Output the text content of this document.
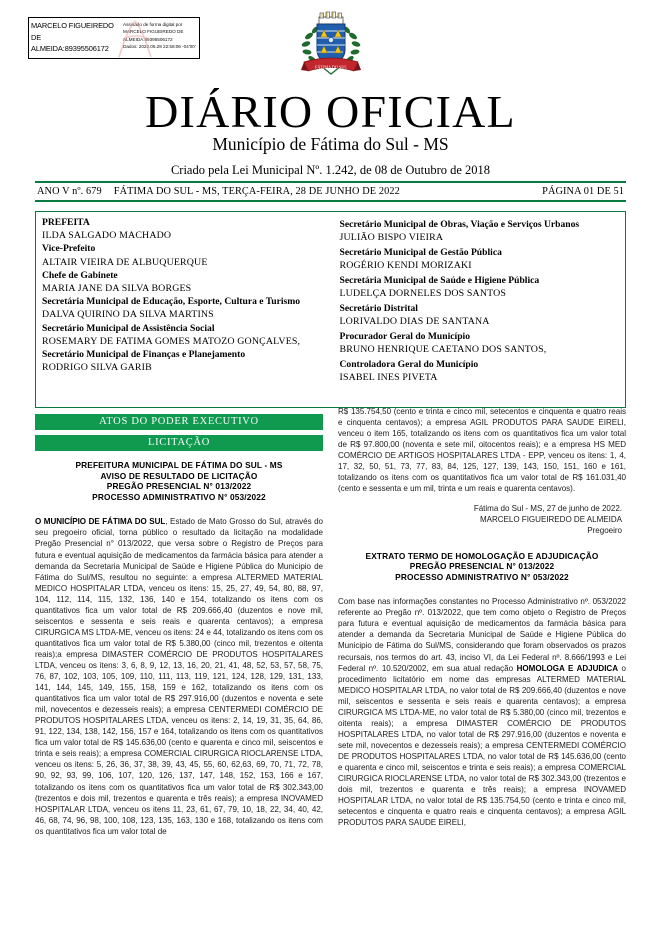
MARCELO FIGUEIREDO
DE
ALMEIDA:89395506172
Assinado de forma digital por
MARCELO FIGUEIREDO DE
ALMEIDA:89395506172
Dados: 2022.06.28 22:58:06 -04'00'
FÁTIMA DO SUL
DIÁRIO OFICIAL
Município de Fátima do Sul - MS
Criado pela Lei Municipal Nº. 1.242, de 08 de Outubro de 2018
ANO V nº. 679 FÁTIMA DO SUL - MS, TERÇA-FEIRA, 28 DE JUNHO DE 2022	PÁGINA 01 DE 51
PREFEITA
ILDA SALGADO MACHADO
Vice-Prefeito
ALTAIR VIEIRA DE ALBUQUERQUE
Chefe de Gabinete
MARIA JANE DA SILVA BORGES
Secretária Municipal de Educação, Esporte, Cultura e Turismo
DALVA QUIRINO DA SILVA MARTINS
Secretário Municipal de Assistência Social
ROSEMARY DE FATIMA GOMES MATOZO GONÇALVES,
Secretário Municipal de Finanças e Planejamento
RODRIGO SILVA GARIB
Secretário Municipal de Obras, Viação e Serviços Urbanos
JULIÃO BISPO VIEIRA
Secretário Municipal de Gestão Pública
ROGÉRIO KENDI MORIZAKI
Secretária Municipal de Saúde e Higiene Pública
LUDELÇA DORNELES DOS SANTOS
Secretário Distrital
LORIVALDO DIAS DE SANTANA
Procurador Geral do Município
BRUNO HENRIQUE CAETANO DOS SANTOS,
Controladora Geral do Município
ISABEL INES PIVETA
ATOS DO PODER EXECUTIVO
LICITAÇÃO
PREFEITURA MUNICIPAL DE FÁTIMA DO SUL - MS
AVISO DE RESULTADO DE LICITAÇÃO
PREGÃO PRESENCIAL N° 013/2022
PROCESSO ADMINISTRATIVO N° 053/2022

O MUNICÍPIO DE FÁTIMA DO SUL, Estado de Mato Grosso do Sul, através do seu pregoeiro oficial, torna público o resultado da licitação na modalidade Pregão Presencial n° 013/2022, que versa sobre o Registro de Preços para futura e eventual aquisição de medicamentos da farmácia básica para atender a demanda da Secretaria Municipal de Saúde e Higiene Pública do Municipio de Fátima do Sul/MS, resultou no seguinte: a empresa ALTERMED MATERIAL MEDICO HOSPITALAR LTDA, venceu os itens: 15, 25, 27, 49, 54, 80, 88, 97, 104, 112, 114, 115, 132, 136, 140 e 154, totalizando os itens com os quantitativos fica um valor total de R$ 209.666,40 (duzentos e nove mil, seiscentos e sessenta e seis reais e quarenta centavos); a empresa CIRURGICA MS LTDA-ME, venceu os itens: 24 e 44, totalizando os itens com os quantitativos fica um valor total de R$ 5.380,00 (cinco mil, trezentos e oitenta reais);a empresa DIMASTER COMÉRCIO DE PRODUTOS HOSPITALARES LTDA, venceu os itens: 3, 6, 8, 9, 12, 13, 16, 20, 21, 41, 48, 52, 53, 57, 58, 75, 76, 87, 102, 103, 105, 109, 110, 111, 113, 119, 121, 124, 128, 129, 131, 133, 141, 144, 145, 149, 155, 158, 159 e 162, totalizando os itens com os quantitativos fica um valor total de R$ 297.916,00 (duzentos e noventa e sete mil, novecentos e dezesseis reais); a empresa CENTERMEDI COMÉRCIO DE PRODUTOS HOSPITALARES LTDA, venceu os itens: 2, 14, 19, 31, 35, 64, 86, 91, 122, 134, 138, 142, 156, 157 e 164, totalizando os itens com os quantitativos fica um valor total de R$ 145.636,00 (cento e quarenta e cinco mil, seiscentos e trinta e seis reais); a empresa COMERCIAL CIRURGICA RIOCLARENSE LTDA, venceu os itens: 5, 26, 36, 37, 38, 39, 43, 45, 55, 60, 62,63, 69, 70, 71, 72, 78, 90, 92, 93, 99, 106, 107, 120, 126, 137, 147, 148, 152, 153, 166 e 167, totalizando os itens com os quantitativos fica um valor total de R$ 302.343,00 (trezentos e dois mil, trezentos e quarenta e três reais); a empresa INOVAMED HOSPITALAR LTDA, venceu os itens 11, 23, 61, 67, 79, 10, 18, 22, 34, 40, 42, 46, 68, 74, 96, 98, 100, 108, 123, 135, 163, 130 e 168, totalizando os itens com os quantitativos fica um valor total de

R$ 135.754,50 (cento e trinta e cinco mil, setecentos e cinquenta e quatro reais e cinquenta centavos); a empresa AGIL PRODUTOS PARA SAUDE EIRELI, venceu o item 165, totalizando os itens com os quantitativos fica um valor total de R$ 97.800,00 (noventa e sete mil, oitocentos reais); e a empresa HS MED COMÉRCIO DE ARTIGOS HOSPITALARES LTDA - EPP, venceu os itens: 1, 4, 17, 32, 50, 51, 73, 77, 83, 84, 125, 127, 139, 143, 150, 151, 160 e 161, totalizando os itens com os quantitativos fica um valor total de R$ 161.031,40 (cento e sessenta e um mil, trinta e um reais e quarenta centavos).

Fátima do Sul - MS, 27 de junho de 2022.
MARCELO FIGUEIREDO DE ALMEIDA
Pregoeiro
EXTRATO TERMO DE HOMOLOGAÇÃO E ADJUDICAÇÃO
PREGÃO PRESENCIAL N° 013/2022
PROCESSO ADMINISTRATIVO N° 053/2022

Com base nas informações constantes no Processo Administrativo nº. 053/2022 referente ao Pregão nº. 013/2022, que tem como objeto o Registro de Preços para futura e eventual aquisição de medicamentos da farmácia básica para atender a demanda da Secretaria Municipal de Saúde e Higiene Pública do Municipio de Fátima do Sul/MS, considerando que foram observados os prazos recursais, nos termos do art. 43, inciso VI, da Lei Federal nº. 8.666/1993 e Lei Federal nº. 10.520/2002, em sua atual redação HOMOLOGA E ADJUDICA o procedimento licitatório em nome das empresas ALTERMED MATERIAL MEDICO HOSPITALAR LTDA, no valor total de R$ 209.666,40 (duzentos e nove mil, seiscentos e sessenta e seis reais e quarenta centavos); a empresa CIRURGICA MS LTDA-ME, no valor total de R$ 5.380,00 (cinco mil, trezentos e oitenta reais); a empresa DIMASTER COMÉRCIO DE PRODUTOS HOSPITALARES LTDA, no valor total de R$ 297.916,00 (duzentos e noventa e sete mil, novecentos e dezesseis reais); a empresa CENTERMEDI COMÉRCIO DE PRODUTOS HOSPITALARES LTDA, no valor total de R$ 145.636,00 (cento e quarenta e cinco mil, seiscentos e trinta e seis reais); a empresa COMERCIAL CIRURGICA RIOCLARENSE LTDA, no valor total de R$ 302.343,00 (trezentos e dois mil, trezentos e quarenta e três reais); a empresa INOVAMED HOSPITALAR LTDA, no valor total de R$ 135.754,50 (cento e trinta e cinco mil, setecentos e cinquenta e quatro reais e cinquenta centavos); a empresa AGIL PRODUTOS PARA SAUDE EIRELI,
